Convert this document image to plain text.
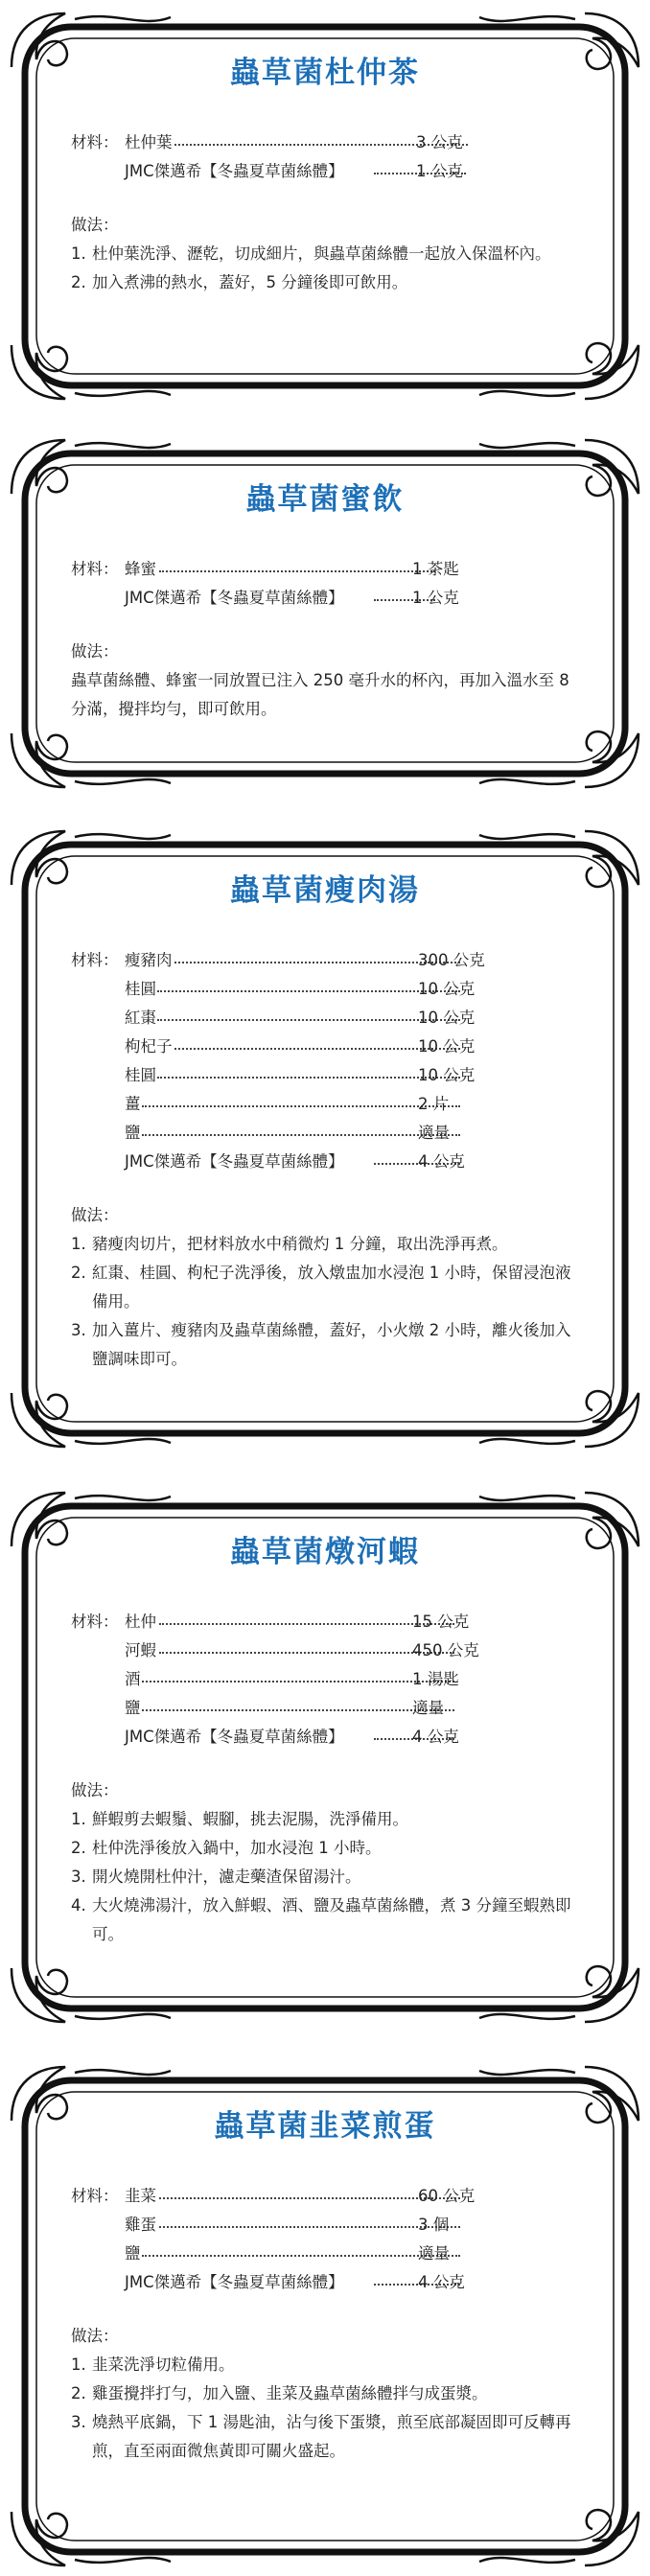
蟲草菌杜仲茶
材料： 杜仲葉	3 公克
JMC傑邁希【冬蟲夏草菌絲體】	1 公克
做法：
1. 杜仲葉洗淨、瀝乾，切成細片，與蟲草菌絲體一起放入保溫杯內。
2. 加入煮沸的熱水，蓋好，5 分鐘後即可飲用。
蟲草菌蜜飲
材料： 蜂蜜	1 茶匙
JMC傑邁希【冬蟲夏草菌絲體】	1 公克
做法：
蟲草菌絲體、蜂蜜一同放置已注入 250 毫升水的杯內，再加入溫水至 8 分滿，攪拌均勻，即可飲用。
蟲草菌瘦肉湯
材料： 瘦豬肉	300 公克
桂圓	10 公克
紅棗	10 公克
枸杞子	10 公克
桂圓	10 公克
薑	2 片
鹽	適量
JMC傑邁希【冬蟲夏草菌絲體】	4 公克
做法：
1. 豬瘦肉切片，把材料放水中稍微灼 1 分鐘，取出洗淨再煮。
2. 紅棗、桂圓、枸杞子洗淨後，放入燉盅加水浸泡 1 小時，保留浸泡液備用。
3. 加入薑片、瘦豬肉及蟲草菌絲體，蓋好，小火燉 2 小時，離火後加入鹽調味即可。
蟲草菌燉河蝦
材料： 杜仲	15 公克
河蝦	450 公克
酒	1 湯匙
鹽	適量
JMC傑邁希【冬蟲夏草菌絲體】	4 公克
做法：
1. 鮮蝦剪去蝦鬚、蝦腳，挑去泥腸，洗淨備用。
2. 杜仲洗淨後放入鍋中，加水浸泡 1 小時。
3. 開火燒開杜仲汁，濾走藥渣保留湯汁。
4. 大火燒沸湯汁，放入鮮蝦、酒、鹽及蟲草菌絲體，煮 3 分鐘至蝦熟即可。
蟲草菌韭菜煎蛋
材料： 韭菜	60 公克
雞蛋	3 個
鹽	適量
JMC傑邁希【冬蟲夏草菌絲體】	4 公克
做法：
1. 韭菜洗淨切粒備用。
2. 雞蛋攪拌打勻，加入鹽、韭菜及蟲草菌絲體拌勻成蛋漿。
3. 燒熱平底鍋，下 1 湯匙油，沾勻後下蛋漿，煎至底部凝固即可反轉再煎，直至兩面微焦黃即可關火盛起。
